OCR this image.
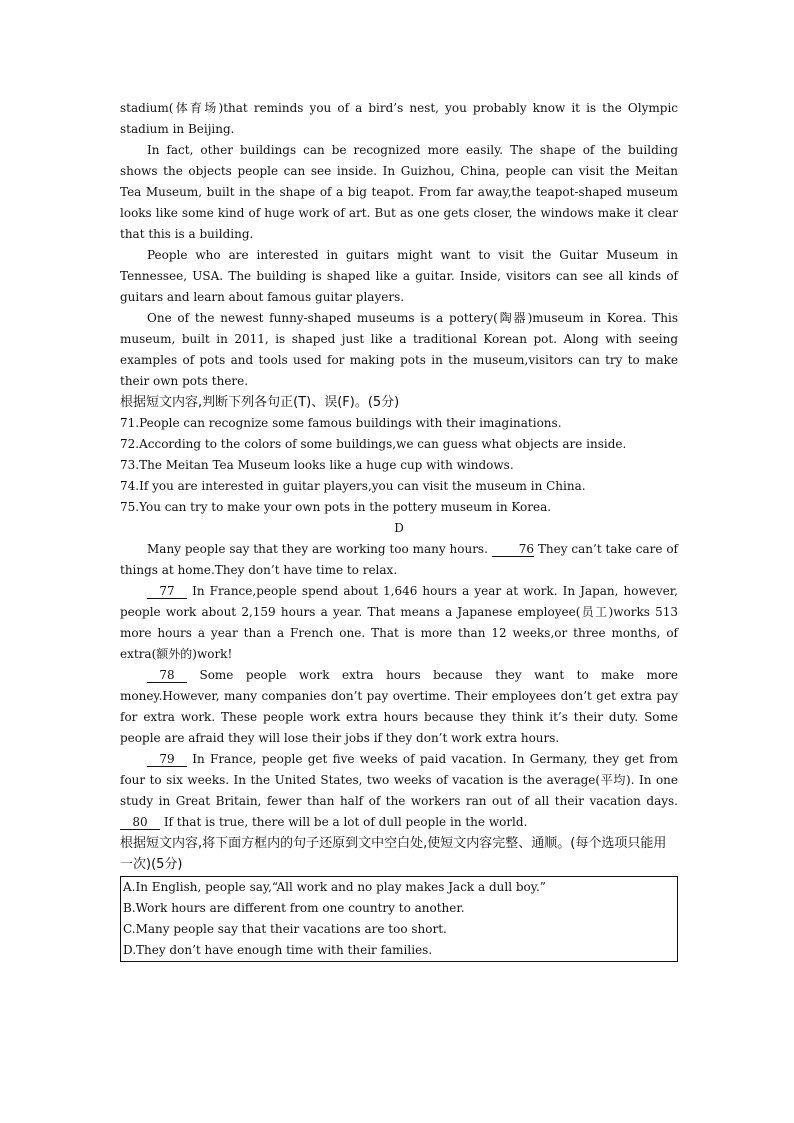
stadium(体育场)that reminds you of a bird’s nest, you probably know it is the Olympic stadium in Beijing.

In fact, other buildings can be recognized more easily. The shape of the building shows the objects people can see inside. In Guizhou, China, people can visit the Meitan Tea Museum, built in the shape of a big teapot. From far away,the teapot-shaped museum looks like some kind of huge work of art. But as one gets closer, the windows make it clear that this is a building.

People who are interested in guitars might want to visit the Guitar Museum in Tennessee, USA. The building is shaped like a guitar. Inside, visitors can see all kinds of guitars and learn about famous guitar players.

One of the newest funny-shaped museums is a pottery(陶器)museum in Korea. This museum, built in 2011, is shaped just like a traditional Korean pot. Along with seeing examples of pots and tools used for making pots in the museum,visitors can try to make their own pots there.

根据短文内容,判断下列各句正(T)、误(F)。(5分)

71.People can recognize some famous buildings with their imaginations.

72.According to the colors of some buildings,we can guess what objects are inside.

73.The Meitan Tea Museum looks like a huge cup with windows.

74.If you are interested in guitar players,you can visit the museum in China.

75.You can try to make your own pots in the pottery museum in Korea.

D

Many people say that they are working too many hours. 76 They can’t take care of things at home.They don’t have time to relax.

77 In France,people spend about 1,646 hours a year at work. In Japan, however, people work about 2,159 hours a year. That means a Japanese employee(员工)works 513 more hours a year than a French one. That is more than 12 weeks,or three months, of extra(额外的)work!

78 Some people work extra hours because they want to make more money.However, many companies don’t pay overtime. Their employees don’t get extra pay for extra work. These people work extra hours because they think it’s their duty. Some people are afraid they will lose their jobs if they don’t work extra hours.

79 In France, people get five weeks of paid vacation. In Germany, they get from four to six weeks. In the United States, two weeks of vacation is the average(平均). In one study in Great Britain, fewer than half of the workers ran out of all their vacation days. 80 If that is true, there will be a lot of dull people in the world.

根据短文内容,将下面方框内的句子还原到文中空白处,使短文内容完整、通顺。(每个选项只能用一次)(5分)

A.In English, people say,“All work and no play makes Jack a dull boy.”

B.Work hours are different from one country to another.

C.Many people say that their vacations are too short.

D.They don’t have enough time with their families.
